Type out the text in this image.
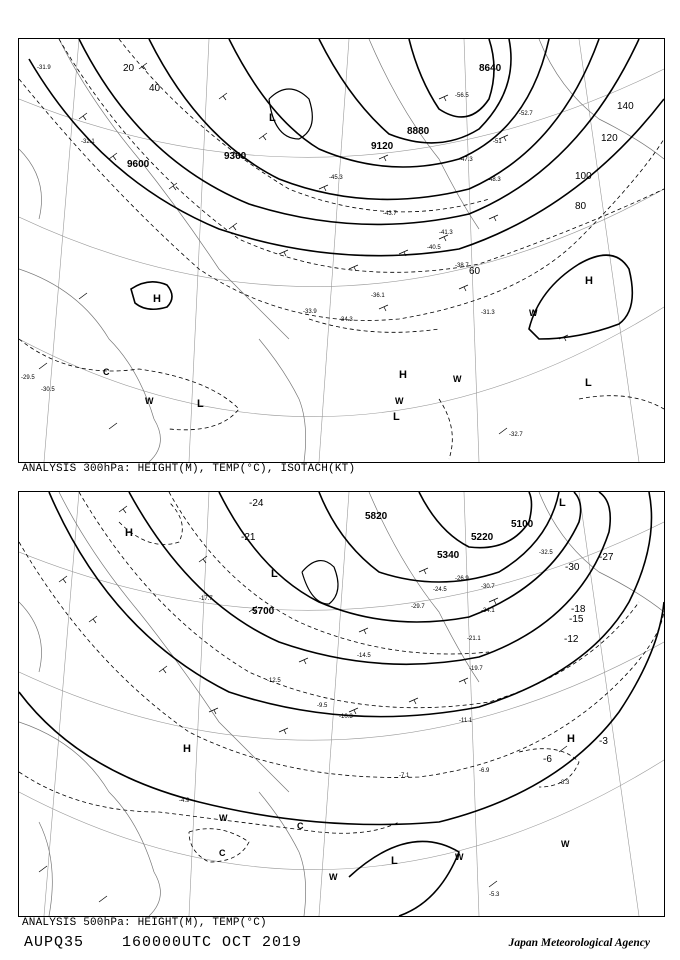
9600
9360
9120
8880
8640
20
40
60
80
100
120
140
H
H
H
L
L
L
L
C
W	W
W
W
-31.9
-32.1
-33.9
-34.3
-36.1
-38.7
-40.5
-41.3
-43.7
-45.3
-47.3
-48.3
-51
-52.7
-56.5
-29.5
-30.5
-31.3
-32.7
ANALYSIS 300hPa: HEIGHT(M), TEMP(°C), ISOTACH(KT)
5700
5820
5340
5100
5220
-3
-6
-12
-15
-18
-21
-24
-27
-30
H
H
H
L
L
L
C
C
W
W
W
W
-4.9
-5.3
-6.9
-7.1
-8.3
-9.5
-10.3
-11.1
-12.5
-14.5
-17.7
-19.7
-21.1
-24.5
-26.9
-29.7
-30.7
-32.5
-34.1
ANALYSIS 500hPa: HEIGHT(M), TEMP(°C)
AUPQ35	160000UTC OCT 2019	Japan Meteorological Agency
